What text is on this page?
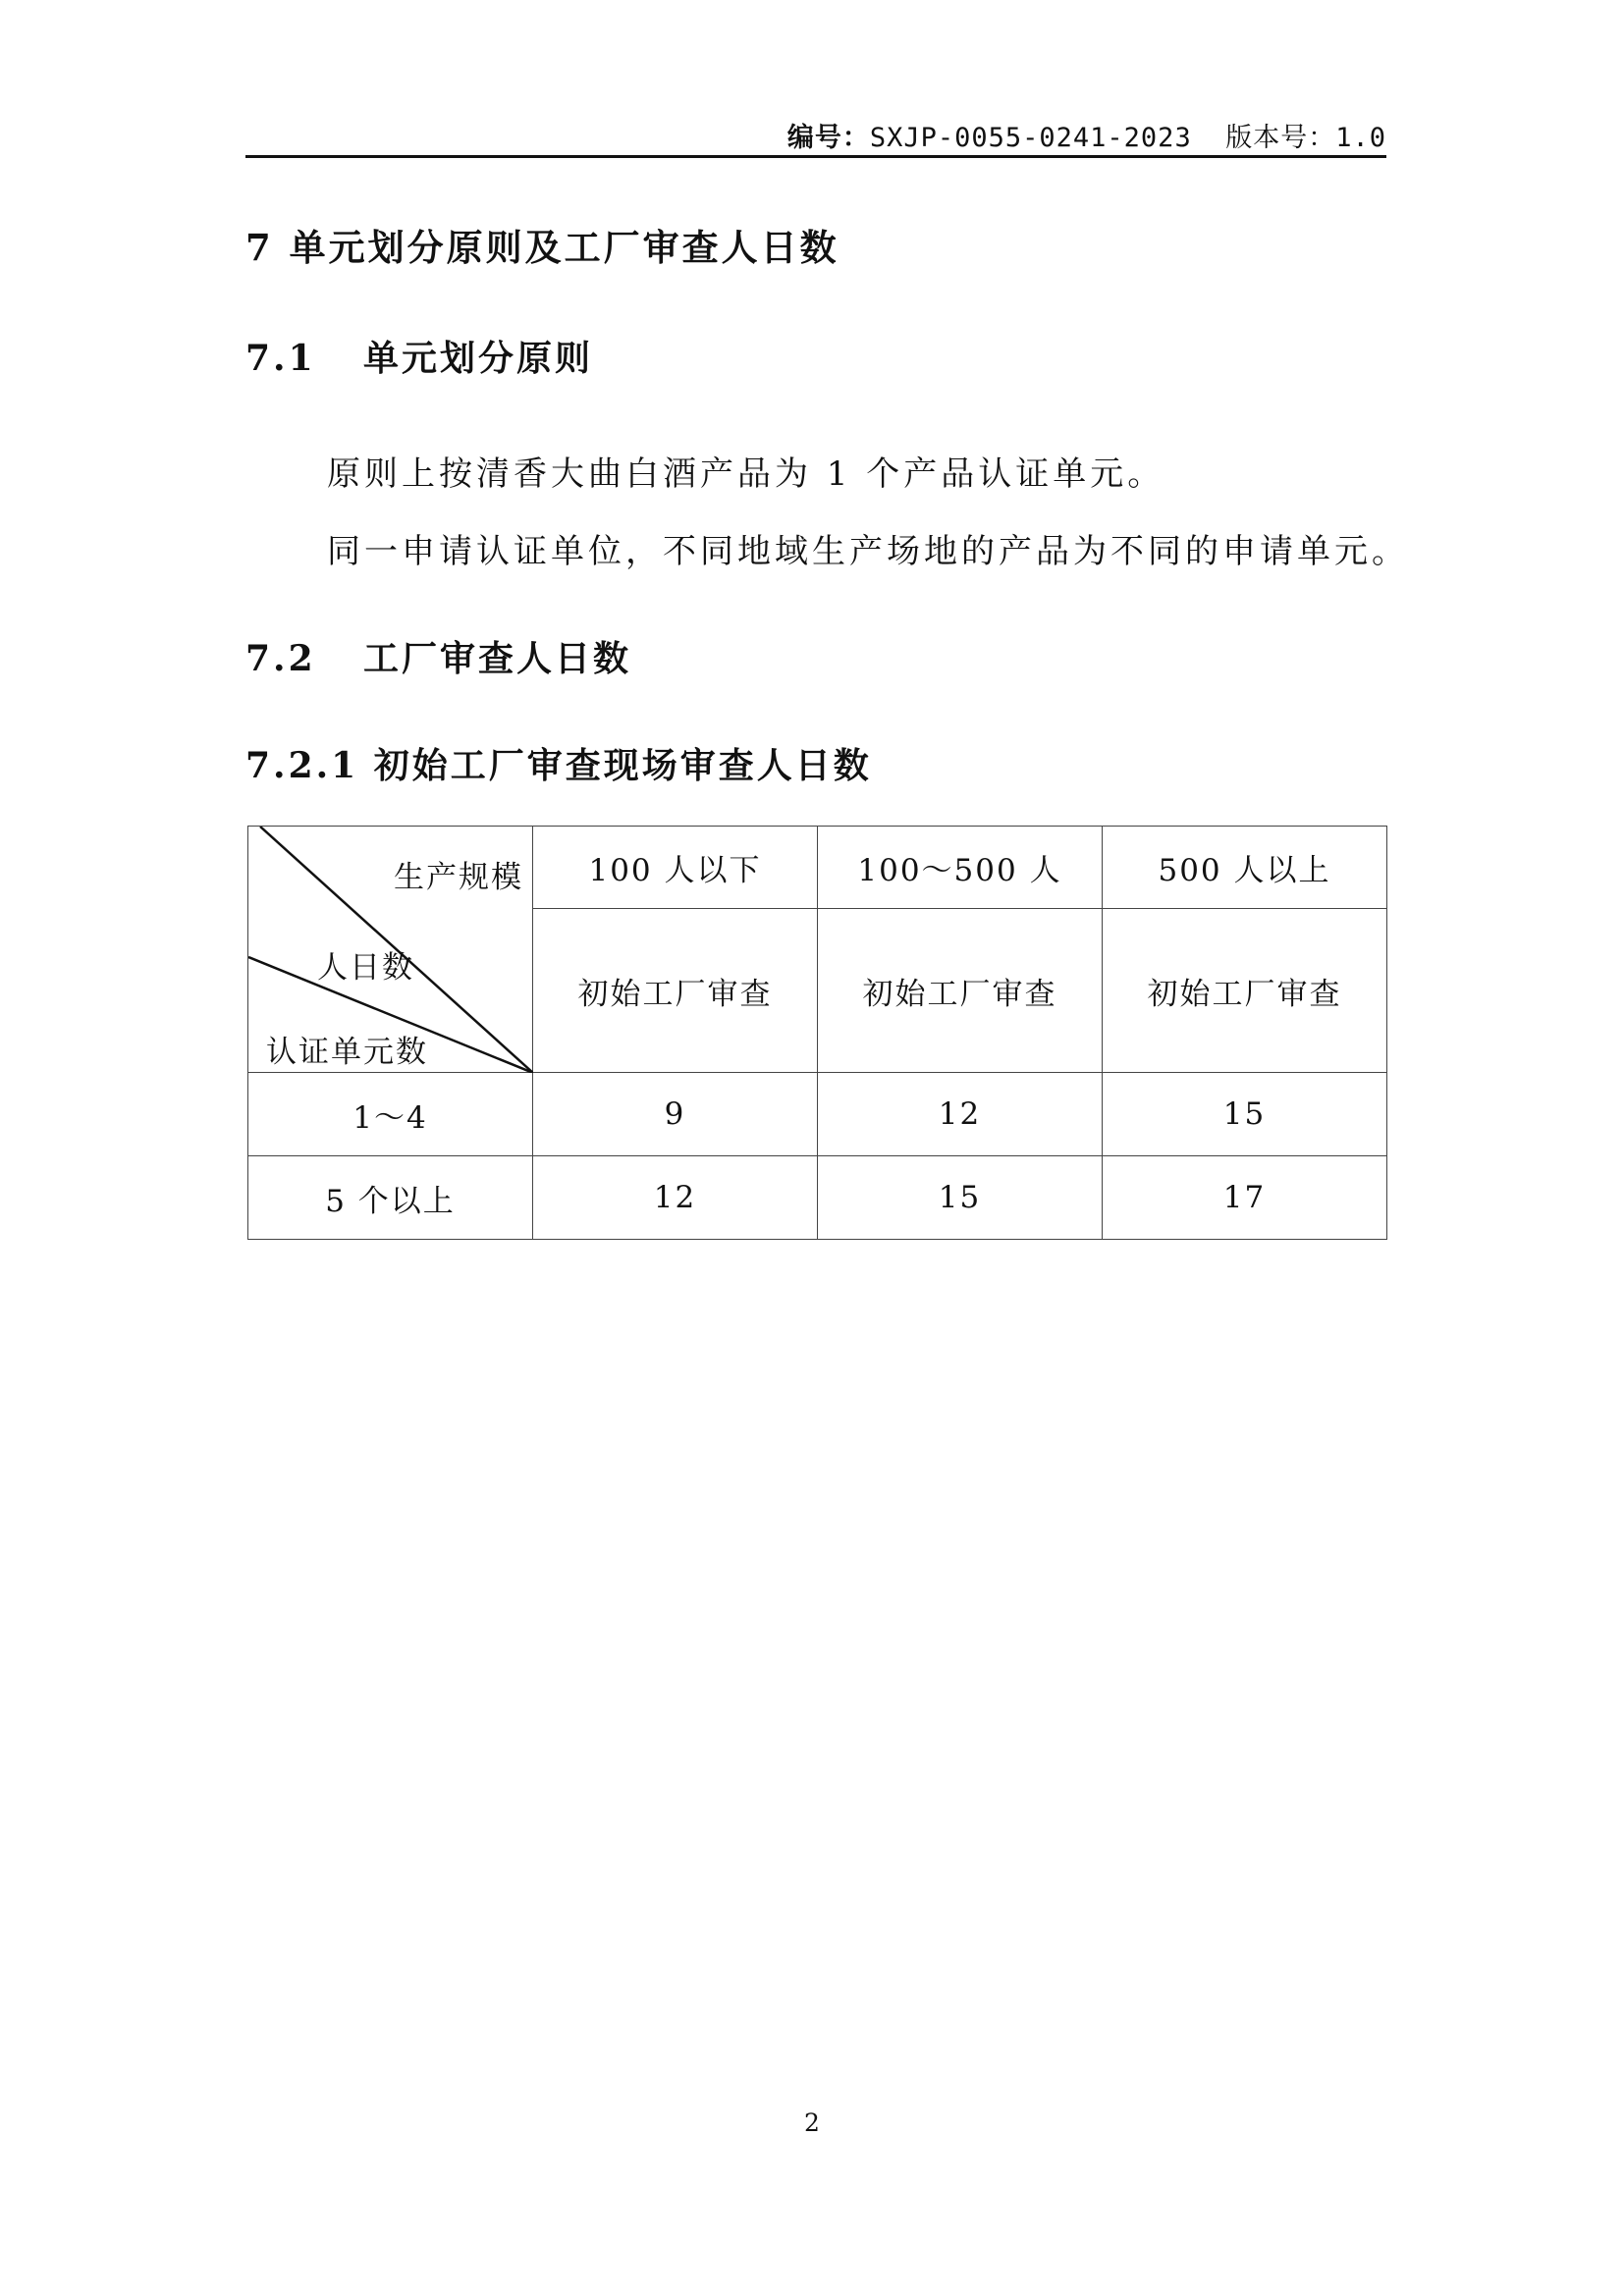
编号：SXJP-0055-0241-2023 版本号：1.0
7 单元划分原则及工厂审查人日数
7.1 单元划分原则
原则上按清香大曲白酒产品为 1 个产品认证单元。
同一申请认证单位，不同地域生产场地的产品为不同的申请单元。
7.2 工厂审查人日数
7.2.1 初始工厂审查现场审查人日数
生产规模
人日数
认证单元数	100 人以下	100～500 人	500 人以上
	初始工厂审查	初始工厂审查	初始工厂审查
1～4	9	12	15
5 个以上	12	15	17
2
